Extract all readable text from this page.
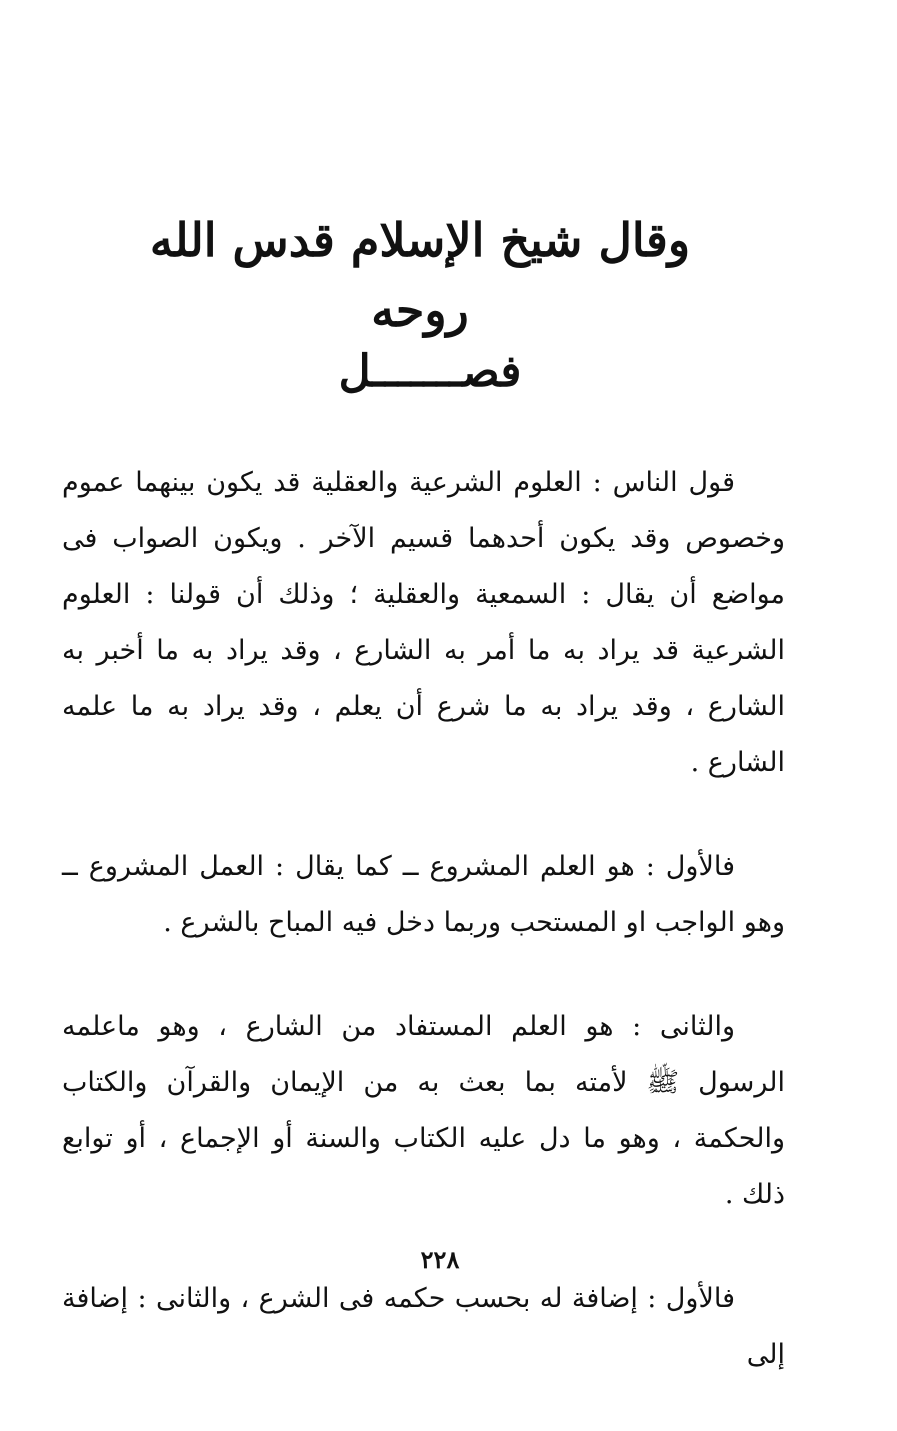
وقال شيخ الإسلام قدس الله روحه
فصـــــــل

قول الناس : العلوم الشرعية والعقلية قد يكون بينهما عموم وخصوص وقد يكون أحدهما قسيم الآخر . ويكون الصواب فى مواضع أن يقال : السمعية والعقلية ؛ وذلك أن قولنا : العلوم الشرعية قد يراد به ما أمر به الشارع ، وقد يراد به ما أخبر به الشارع ، وقد يراد به ما شرع أن يعلم ، وقد يراد به ما علمه الشارع .

فالأول : هو العلم المشروع ــ كما يقال : العمل المشروع ــ وهو الواجب او المستحب وربما دخل فيه المباح بالشرع .

والثانى : هو العلم المستفاد من الشارع ، وهو ماعلمه الرسول ﷺ لأمته بما بعث به من الإيمان والقرآن والكتاب والحكمة ، وهو ما دل عليه الكتاب والسنة أو الإجماع ، أو توابع ذلك .

فالأول : إضافة له بحسب حكمه فى الشرع ، والثانى : إضافة إلى

٢٢٨
